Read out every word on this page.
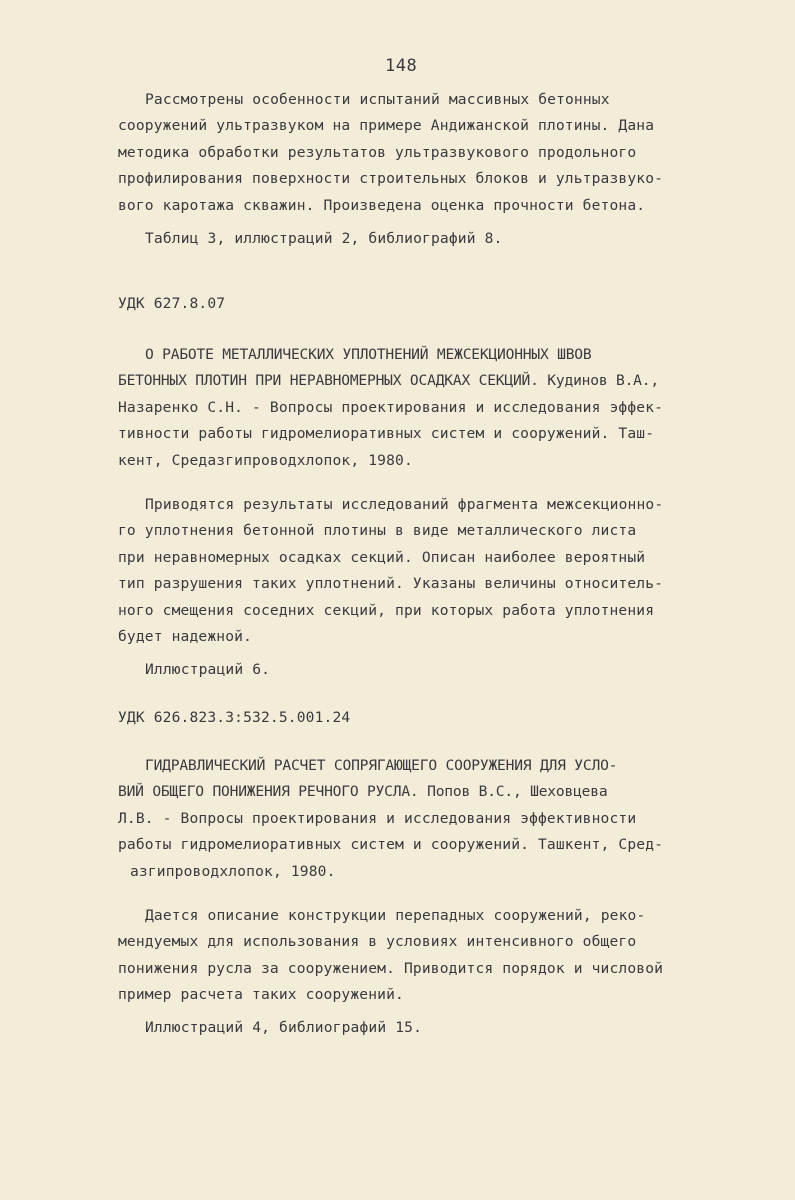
148
Рассмотрены особенности испытаний массивных бетонных
сооружений ультразвуком на примере Андижанской плотины. Дана
методика обработки результатов ультразвукового продольного
профилирования поверхности строительных блоков и ультразвуко-
вого каротажа скважин. Произведена оценка прочности бетона.
Таблиц 3, иллюстраций 2, библиографий 8.
УДК 627.8.07
О РАБОТЕ МЕТАЛЛИЧЕСКИХ УПЛОТНЕНИЙ МЕЖСЕКЦИОННЫХ ШВОВ
БЕТОННЫХ ПЛОТИН ПРИ НЕРАВНОМЕРНЫХ ОСАДКАХ СЕКЦИЙ. Кудинов В.А.,
Назаренко С.Н. - Вопросы проектирования и исследования эффек-
тивности работы гидромелиоративных систем и сооружений. Таш-
кент, Средазгипроводхлопок, 1980.
Приводятся результаты исследований фрагмента межсекционно-
го уплотнения бетонной плотины в виде металлического листа
при неравномерных осадках секций. Описан наиболее вероятный
тип разрушения таких уплотнений. Указаны величины относитель-
ного смещения соседних секций, при которых работа уплотнения
будет надежной.
Иллюстраций 6.
УДК 626.823.3:532.5.001.24
ГИДРАВЛИЧЕСКИЙ РАСЧЕТ СОПРЯГАЮЩЕГО СООРУЖЕНИЯ ДЛЯ УСЛО-
ВИЙ ОБЩЕГО ПОНИЖЕНИЯ РЕЧНОГО РУСЛА. Попов В.С., Шеховцева
Л.В. - Вопросы проектирования и исследования эффективности
работы гидромелиоративных систем и сооружений. Ташкент, Сред-
азгипроводхлопок, 1980.
Дается описание конструкции перепадных сооружений, реко-
мендуемых для использования в условиях интенсивного общего
понижения русла за сооружением. Приводится порядок и числовой
пример расчета таких сооружений.
Иллюстраций 4, библиографий 15.
